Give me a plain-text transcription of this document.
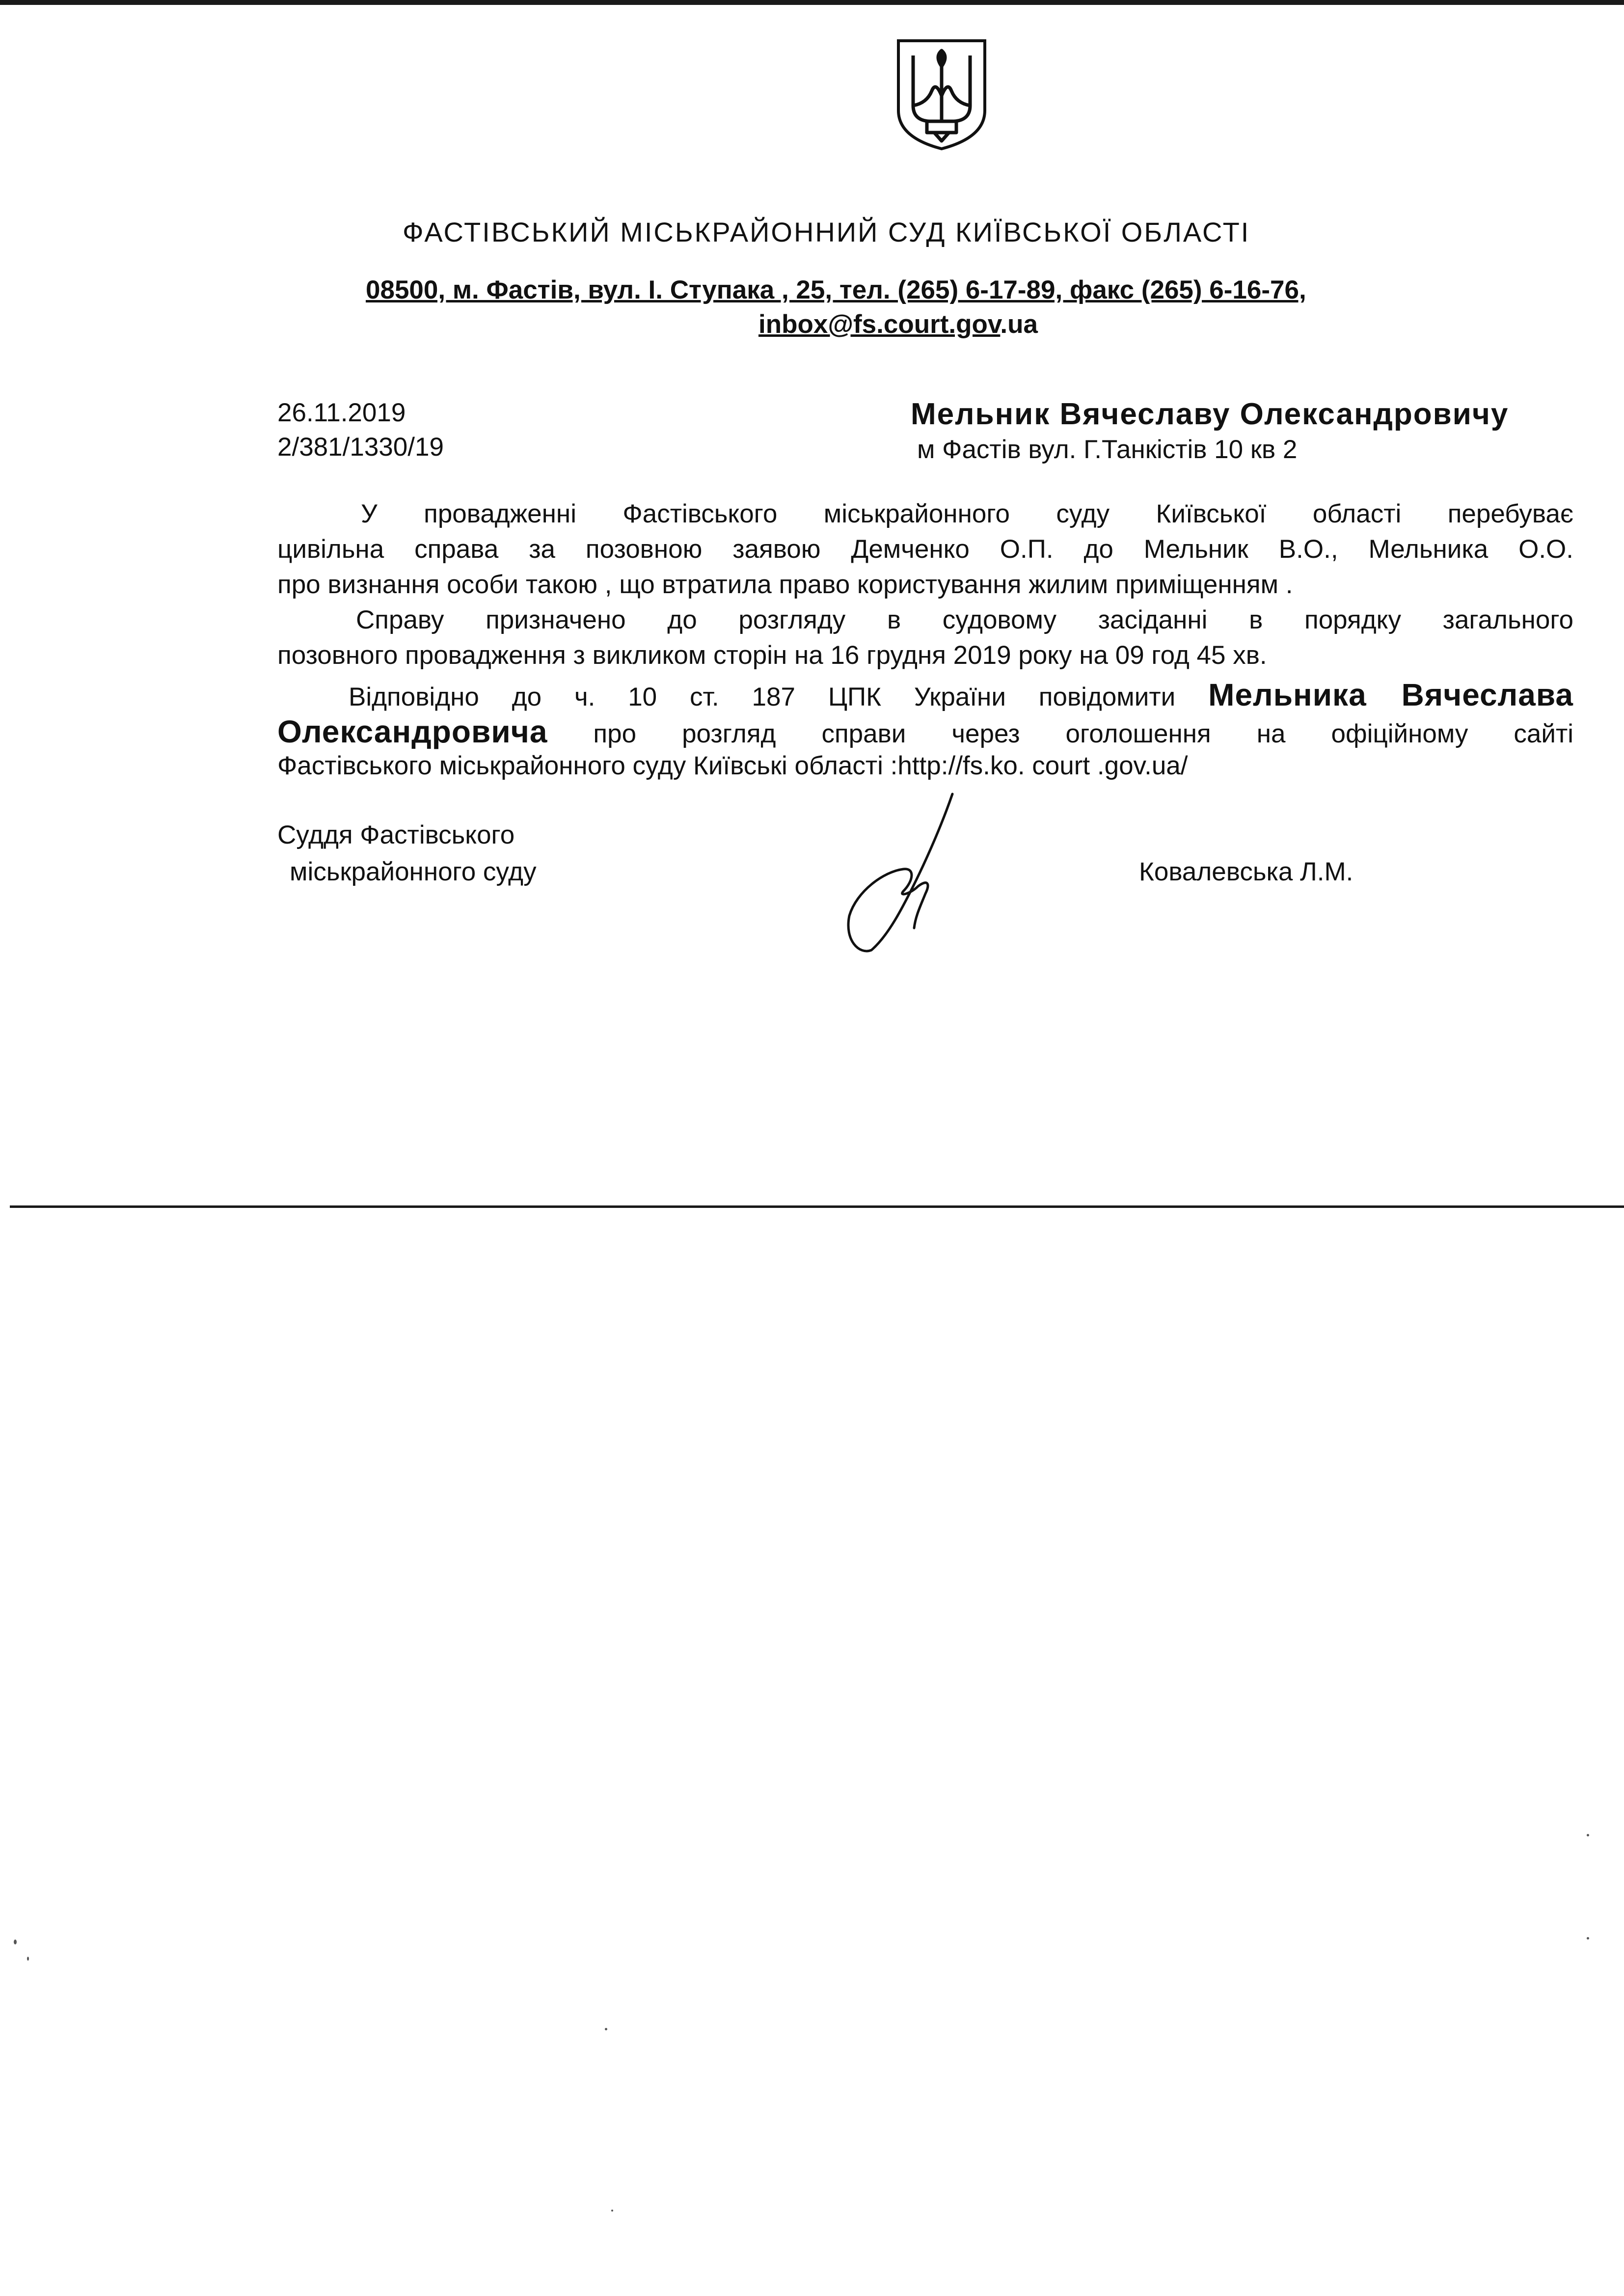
ФАСТІВСЬКИЙ МІСЬКРАЙОННИЙ СУД КИЇВСЬКОЇ ОБЛАСТІ
08500, м. Фастів, вул. І. Ступака , 25, тел. (265) 6-17-89, факс (265) 6-16-76,
inbox@fs.court.gov.ua
26.11.2019
2/381/1330/19
Мельник Вячеславу Олександровичу
м Фастів вул. Г.Танкістів 10 кв 2
У провадженні Фастівського міськрайонного суду Київської області перебуває
цивільна справа за позовною заявою Демченко О.П. до Мельник В.О., Мельника О.О.
про визнання особи такою , що втратила право користування жилим приміщенням .
Справу призначено до розгляду в судовому засіданні в порядку загального
позовного провадження з викликом сторін на 16 грудня 2019 року на 09 год 45 хв.
Відповідно до ч. 10 ст. 187 ЦПК України повідомити Мельника Вячеслава
Олександровича про розгляд справи через оголошення на офіційному сайті
Фастівського міськрайонного суду Київські області :http://fs.ko. court .gov.ua/
Суддя Фастівського
міськрайонного суду	Ковалевська Л.М.
